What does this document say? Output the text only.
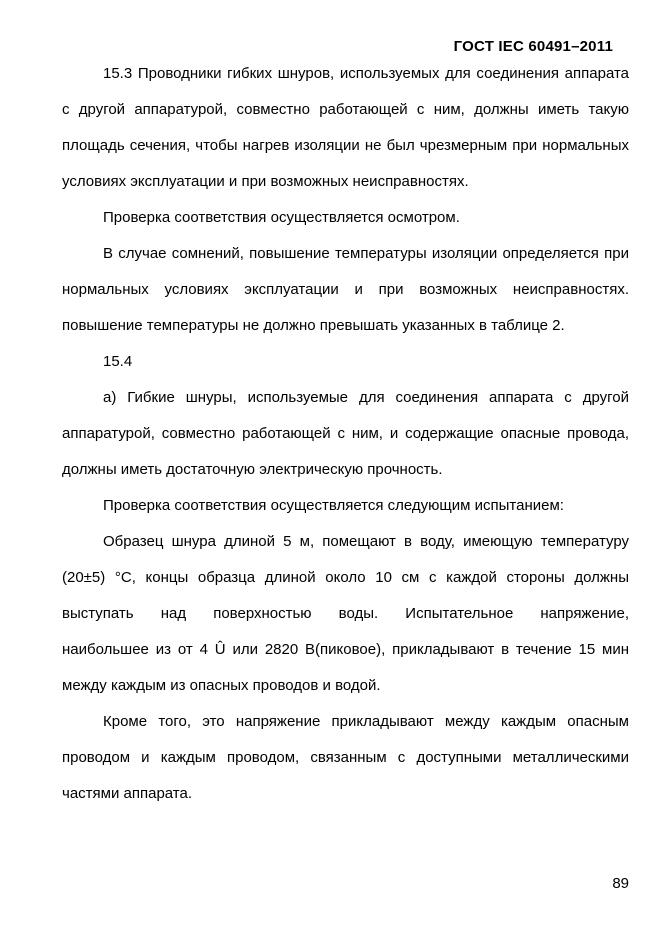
ГОСТ IEC 60491–2011

15.3 Проводники гибких шнуров, используемых для соединения аппарата с другой аппаратурой, совместно работающей с ним, должны иметь такую площадь сечения, чтобы нагрев изоляции не был чрезмерным при нормальных условиях эксплуатации и при возможных неисправностях.

Проверка соответствия осуществляется осмотром.

В случае сомнений, повышение температуры изоляции определяется при нормальных условиях эксплуатации и при возможных неисправностях.

повышение температуры не должно превышать указанных в таблице 2.

15.4

а) Гибкие шнуры, используемые для соединения аппарата с другой аппаратурой, совместно работающей с ним, и содержащие опасные провода, должны иметь достаточную электрическую прочность.

Проверка соответствия осуществляется следующим испытанием:

Образец шнура длиной 5 м, помещают в воду, имеющую температуру (20±5) °С, концы образца длиной около 10 см с каждой стороны должны выступать над поверхностью воды. Испытательное напряжение,

наибольшее из от 4 Û или 2820 В(пиковое), прикладывают в течение 15 мин между каждым из опасных проводов и водой.

Кроме того, это напряжение прикладывают между каждым опасным проводом и каждым проводом, связанным с доступными металлическими частями аппарата.

89
